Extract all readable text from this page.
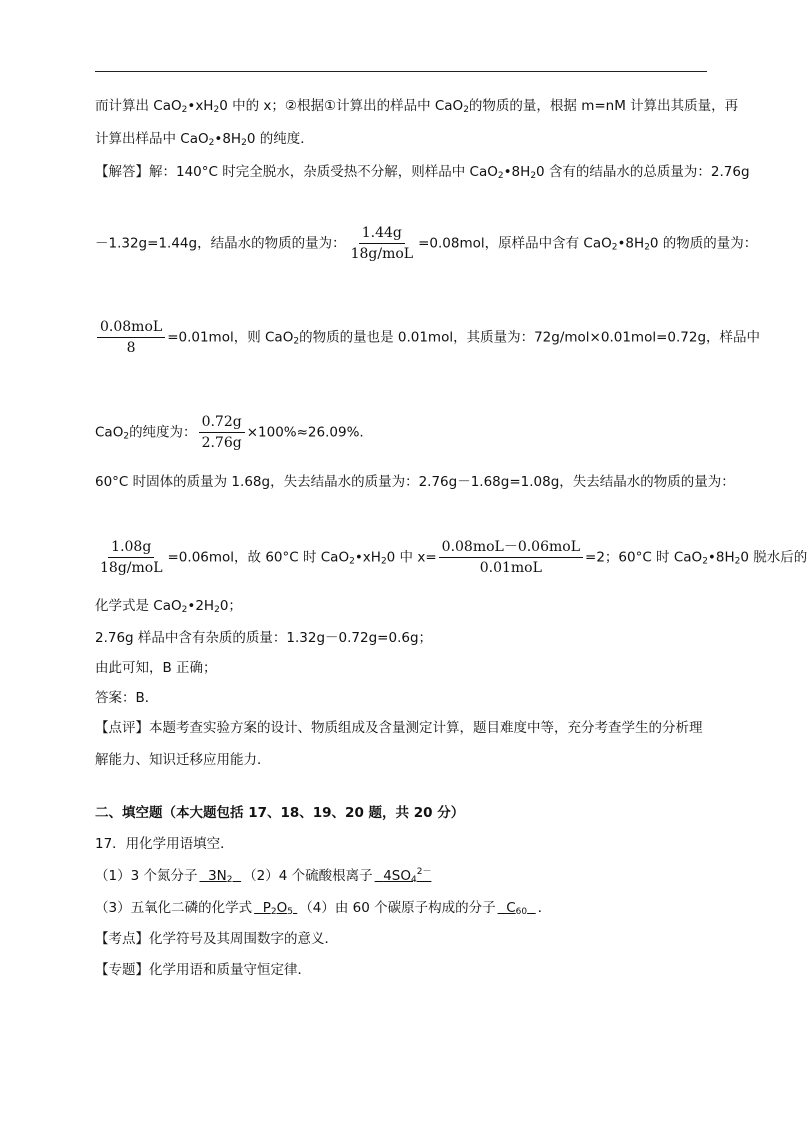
而计算出 $CaO_2•xH_20$ 中的 x；②根据①计算出的样品中 CaO$_2$的物质的量，根据 m=nM 计算出其质量，再
计算出样品中 $CaO_2•8H_20$ 的纯度．
【解答】解：140°C 时完全脱水，杂质受热不分解，则样品中 $CaO_2•8H_20$ 含有的结晶水的总质量为：2.76g
－1.32g=1.44g，结晶水的物质的量为： $\frac{1.44g}{\text{18g/moL}} =0.08mol$，原样品中含有 $CaO_2•8H_20$ 的物质的量为：
$\frac{\text{0.08moL}}{8} =0.01mol$，则 CaO$_2$的物质的量也是 0.01mol，其质量为：72g/mol×0.01mol=0.72g，样品中
CaO$_2$的纯度为： $\frac{0.72g}{2.76g} \times 100\%\approx 26.09\%$.
60°C 时固体的质量为 1.68g，失去结晶水的质量为：2.76g－1.68g=1.08g，失去结晶水的物质的量为：
$\frac{1.08g}{\text{18g/moL}} =0.06mol$，故 60°C 时 $CaO_2•xH_20$ 中 $x= \frac{\text{0.08moL－0.06moL}}{\text{0.01moL}} =2$；60°C 时 $CaO_2•8H_20$ 脱水后的
化学式是 $CaO_2•2H_20$；
2.76g 样品中含有杂质的质量：1.32g－0.72g=0.6g；
由此可知，B 正确；
答案：B．
【点评】本题考查实验方案的设计、物质组成及含量测定计算，题目难度中等，充分考查学生的分析理
解能力、知识迁移应用能力．
二、填空题（本大题包括 17、18、19、20 题，共 20 分）
17．用化学用语填空．
（1）3 个氮分子 $3N_2$ （2）4 个硫酸根离子 $4SO_4^{2-}$
（3）五氧化二磷的化学式 $P_2O_5$ （4）由 60 个碳原子构成的分子 $C_{60}$ ．
【考点】化学符号及其周围数字的意义．
【专题】化学用语和质量守恒定律．
